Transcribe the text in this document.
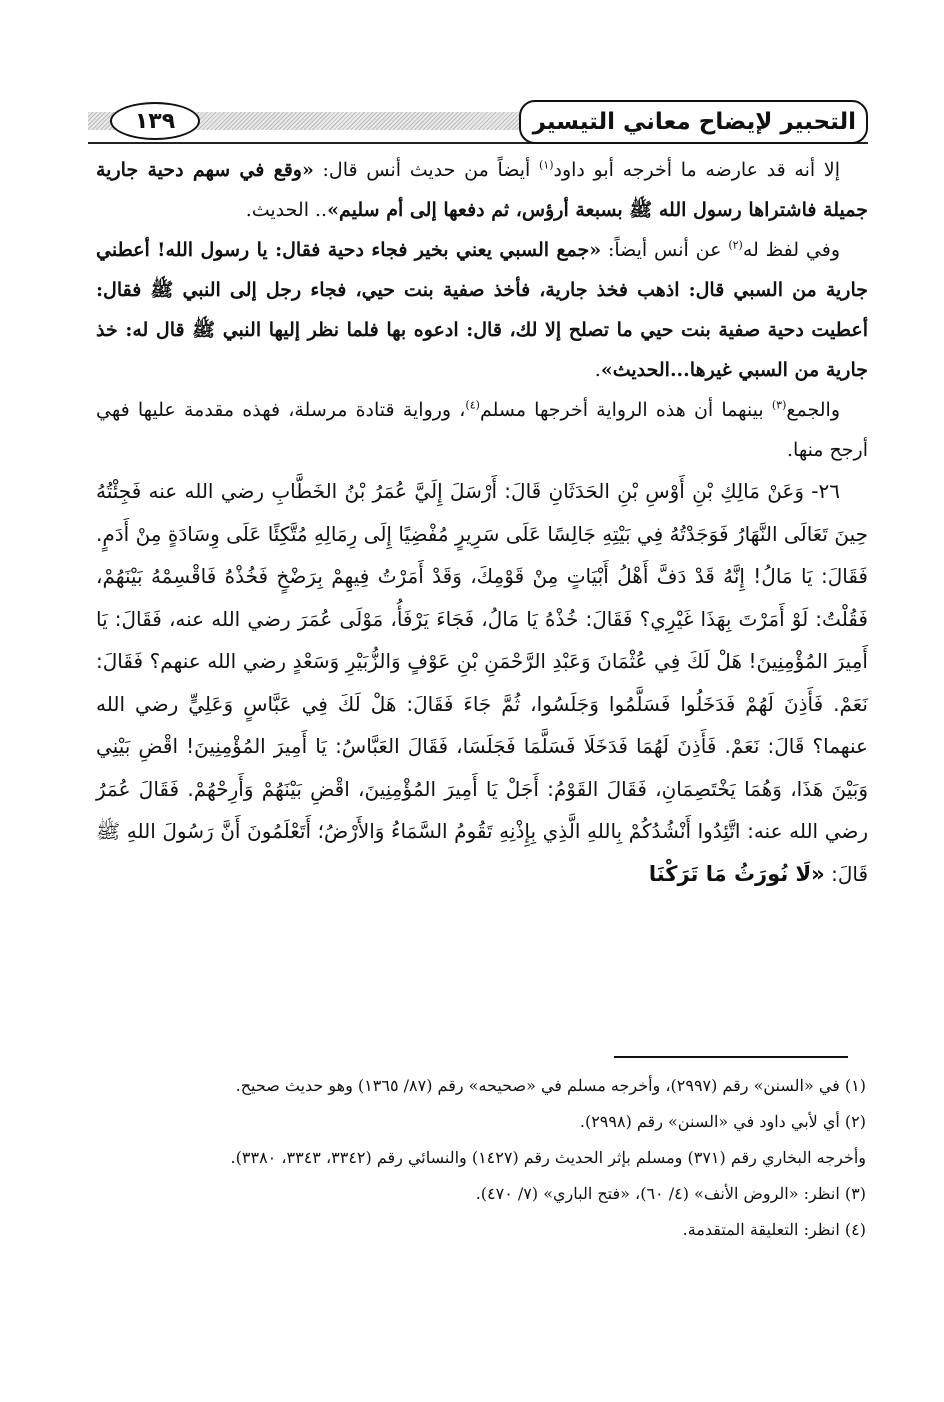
التحبير لإيضاح معاني التيسير
١٣٩

إلا أنه قد عارضه ما أخرجه أبو داود$^{(١)}$ أيضاً من حديث أنس قال: «وقع في سهم دحية جارية جميلة فاشتراها رسول الله ﷺ بسبعة أرؤس، ثم دفعها إلى أم سليم».. الحديث.

وفي لفظ له$^{(٢)}$ عن أنس أيضاً: «جمع السبي يعني بخير فجاء دحية فقال: يا رسول الله! أعطني جارية من السبي قال: اذهب فخذ جارية، فأخذ صفية بنت حيي، فجاء رجل إلى النبي ﷺ فقال: أعطيت دحية صفية بنت حيي ما تصلح إلا لك، قال: ادعوه بها فلما نظر إليها النبي ﷺ قال له: خذ جارية من السبي غيرها...الحديث».

والجمع$^{(٣)}$ بينهما أن هذه الرواية أخرجها مسلم$^{(٤)}$، ورواية قتادة مرسلة، فهذه مقدمة عليها فهي أرجح منها.

٢٦- وَعَنْ مَالِكِ بْنِ أَوْسِ بْنِ الحَدَثَانِ قَالَ: أَرْسَلَ إِلَيَّ عُمَرُ بْنُ الخَطَّابِ رضي الله عنه فَجِئْتُهُ حِينَ تَعَالَى النَّهَارُ فَوَجَدْتُهُ فِي بَيْتِهِ جَالِسًا عَلَى سَرِيرٍ مُفْضِيًا إِلَى رِمَالِهِ مُتَّكِئًا عَلَى وِسَادَةٍ مِنْ أَدَمٍ. فَقَالَ: يَا مَالُ! إِنَّهُ قَدْ دَفَّ أَهْلُ أَبْيَاتٍ مِنْ قَوْمِكَ، وَقَدْ أَمَرْتُ فِيهِمْ بِرَضْخٍ فَخُذْهُ فَاقْسِمْهُ بَيْنَهُمْ، فَقُلْتُ: لَوْ أَمَرْتَ بِهَذَا غَيْرِي؟ فَقَالَ: خُذْهُ يَا مَالُ، فَجَاءَ يَرْفَأُ، مَوْلَى عُمَرَ رضي الله عنه، فَقَالَ: يَا أَمِيرَ المُؤْمِنِينَ! هَلْ لَكَ فِي عُثْمَانَ وَعَبْدِ الرَّحْمَنِ بْنِ عَوْفٍ وَالزُّبَيْرِ وَسَعْدٍ رضي الله عنهم؟ فَقَالَ: نَعَمْ. فَأَذِنَ لَهُمْ فَدَخَلُوا فَسَلَّمُوا وَجَلَسُوا، ثُمَّ جَاءَ فَقَالَ: هَلْ لَكَ فِي عَبَّاسٍ وَعَلِيٍّ رضي الله عنهما؟ قَالَ: نَعَمْ. فَأَذِنَ لَهُمَا فَدَخَلَا فَسَلَّمَا فَجَلَسَا، فَقَالَ العَبَّاسُ: يَا أَمِيرَ المُؤْمِنِينَ! اقْضِ بَيْنِي وَبَيْنَ هَذَا، وَهُمَا يَخْتَصِمَانِ، فَقَالَ القَوْمُ: أَجَلْ يَا أَمِيرَ المُؤْمِنِينَ، اقْضِ بَيْنَهُمْ وَأَرِحْهُمْ. فَقَالَ عُمَرُ رضي الله عنه: اتَّئِدُوا أَنْشُدُكُمْ بِاللهِ الَّذِي بِإِذْنِهِ تَقُومُ السَّمَاءُ وَالأَرْضُ؛ أَتَعْلَمُونَ أَنَّ رَسُولَ اللهِ ﷺ قَالَ: «لَا نُورَثُ مَا تَرَكْنَا

(١) في «السنن» رقم (٢٩٩٧)، وأخرجه مسلم في «صحيحه» رقم (٨٧/ ١٣٦٥) وهو حديث صحيح.

(٢) أي لأبي داود في «السنن» رقم (٢٩٩٨).

وأخرجه البخاري رقم (٣٧١) ومسلم بإثر الحديث رقم (١٤٢٧) والنسائي رقم (٣٣٤٢، ٣٣٤٣، ٣٣٨٠).

(٣) انظر: «الروض الأنف» (٤/ ٦٠)، «فتح الباري» (٧/ ٤٧٠).

(٤) انظر: التعليقة المتقدمة.
